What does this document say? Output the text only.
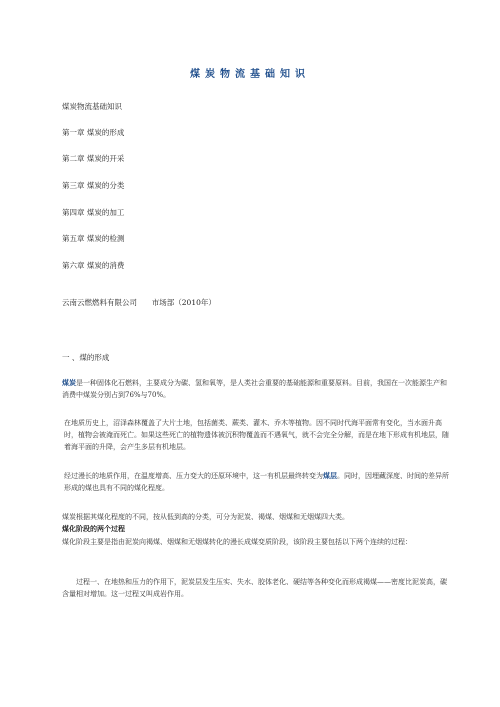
煤炭物流基础知识
煤炭物流基础知识
第一章 煤炭的形成
第二章 煤炭的开采
第三章 煤炭的分类
第四章 煤炭的加工
第五章 煤炭的检测
第六章 煤炭的消费
云南云燃燃料有限公司 市场部（2010年）
一 、煤的形成
煤炭是一种固体化石燃料，主要成分为碳、氢和氧等，是人类社会重要的基础能源和重要原料。目前，我国在一次能源生产和消费中煤炭分别占到76%与70%。
在地质历史上，沼泽森林覆盖了大片土地，包括菌类、蕨类、灌木、乔木等植物。因不同时代海平面常有变化，当水面升高时，植物会被淹而死亡。如果这些死亡的植物遗体被沉积物覆盖而不遇氧气，就不会完全分解，而是在地下形成有机地层，随着海平面的升降，会产生多层有机地层。
经过漫长的地质作用，在温度增高、压力变大的还原环境中，这一有机层最终转变为煤层。同时，因埋藏深度、时间的差异所形成的煤也具有不同的煤化程度。
煤炭根据其煤化程度的不同，按从低到高的分类，可分为泥炭、褐煤、烟煤和无烟煤四大类。
煤化阶段的两个过程
煤化阶段主要是指由泥炭向褐煤、烟煤和无烟煤转化的漫长成煤变质阶段，该阶段主要包括以下两个连续的过程：
过程一、在地热和压力的作用下，泥炭层发生压实、失水、胶体老化、硬结等各种变化而形成褐煤——密度比泥炭高，碳含量相对增加。这一过程又叫成岩作用。
